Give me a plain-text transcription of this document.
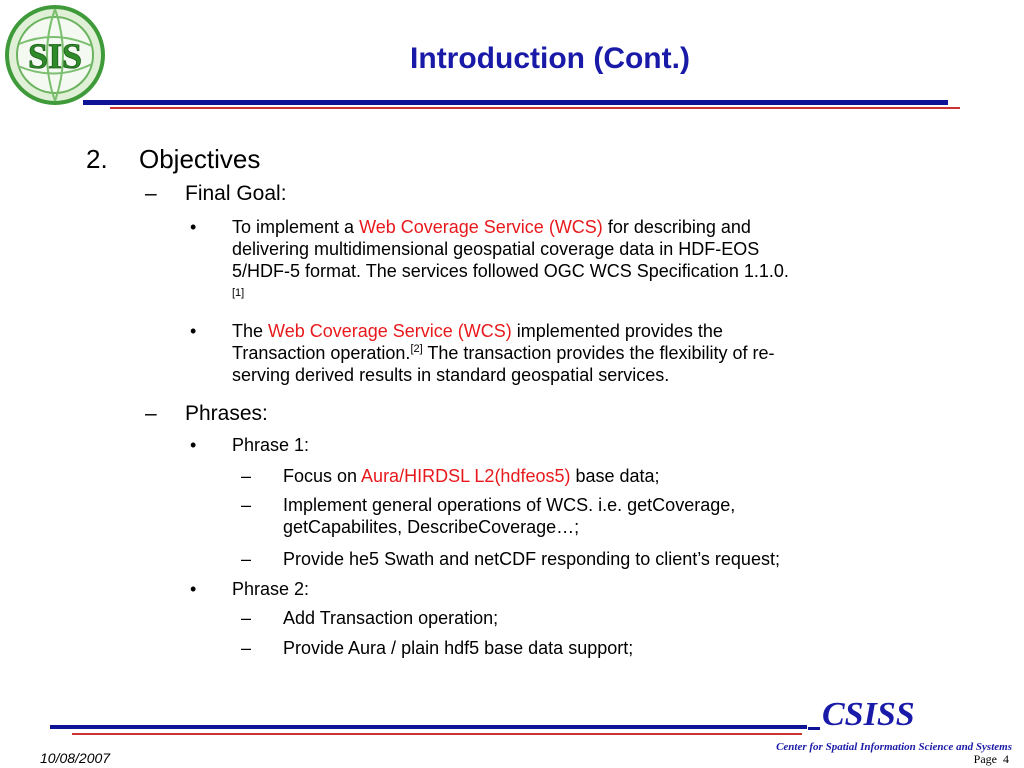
SIS	Introduction (Cont.)
2. Objectives
– Final Goal:
• To implement a Web Coverage Service (WCS) for describing and
delivering multidimensional geospatial coverage data in HDF-EOS
5/HDF-5 format. The services followed OGC WCS Specification 1.1.0.
[1]
• The Web Coverage Service (WCS) implemented provides the
Transaction operation.[2] The transaction provides the flexibility of re-
serving derived results in standard geospatial services.
– Phrases:
• Phrase 1:
– Focus on Aura/HIRDSL L2(hdfeos5) base data;
– Implement general operations of WCS. i.e. getCoverage,
getCapabilites, DescribeCoverage…;
– Provide he5 Swath and netCDF responding to client’s request;
• Phrase 2:
– Add Transaction operation;
– Provide Aura / plain hdf5 base data support;
CSISS
Center for Spatial Information Science and Systems
Page 4
10/08/2007
